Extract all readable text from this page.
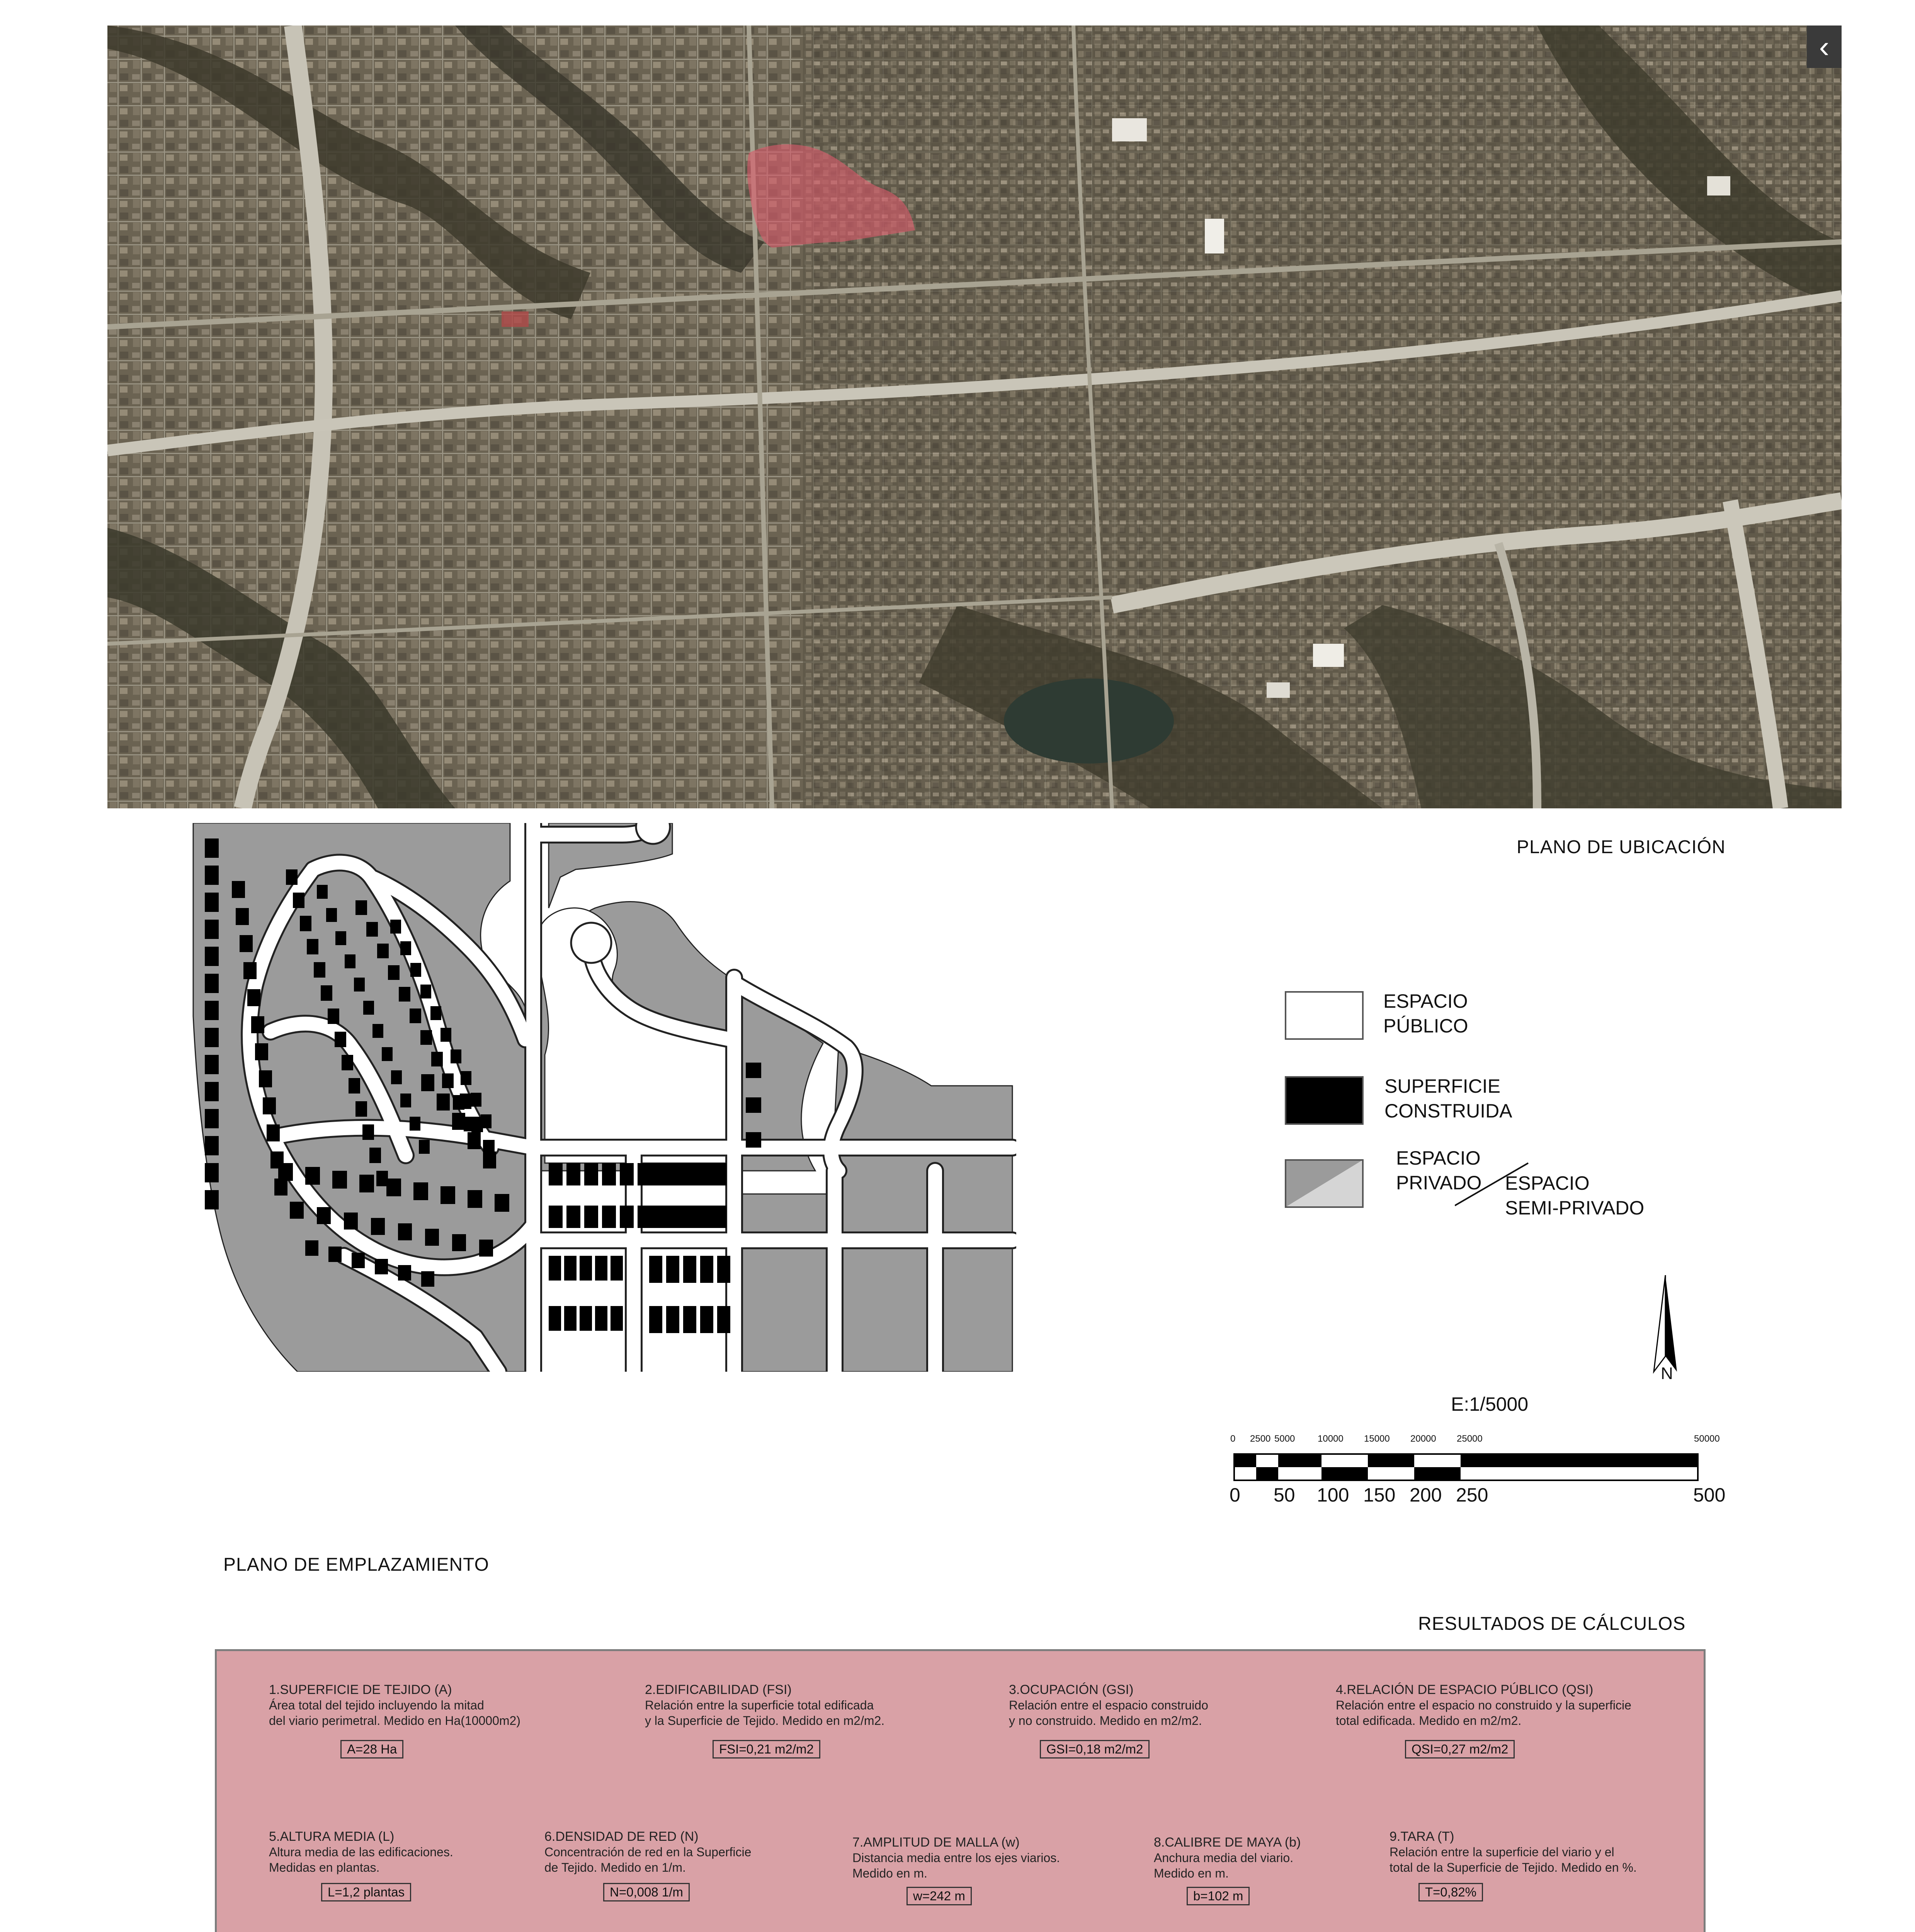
‹
PLANO DE UBICACIÓN
ESPACIO
PÚBLICO
SUPERFICIE
CONSTRUIDA
ESPACIO
PRIVADO ESPACIO
SEMI-PRIVADO
N
E:1/5000
0 2500 5000 10000 15000 20000 25000	50000
0 50 100 150 200 250	500
PLANO DE EMPLAZAMIENTO
RESULTADOS DE CÁLCULOS
1.SUPERFICIE DE TEJIDO (A)
Área total del tejido incluyendo la mitad
del viario perimetral. Medido en Ha(10000m2)
A=28 Ha
2.EDIFICABILIDAD (FSI)
Relación entre la superficie total edificada
y la Superficie de Tejido. Medido en m2/m2.
FSI=0,21 m2/m2
3.OCUPACIÓN (GSI)
Relación entre el espacio construido
y no construido. Medido en m2/m2.
GSI=0,18 m2/m2
4.RELACIÓN DE ESPACIO PÚBLICO (QSI)
Relación entre el espacio no construido y la superficie
total edificada. Medido en m2/m2.
QSI=0,27 m2/m2
5.ALTURA MEDIA (L)
Altura media de las edificaciones.
Medidas en plantas.
L=1,2 plantas
6.DENSIDAD DE RED (N)
Concentración de red en la Superficie
de Tejido. Medido en 1/m.
N=0,008 1/m
7.AMPLITUD DE MALLA (w)
Distancia media entre los ejes viarios.
Medido en m.
w=242 m
8.CALIBRE DE MAYA (b)
Anchura media del viario.
Medido en m.
b=102 m
9.TARA (T)
Relación entre la superficie del viario y el
total de la Superficie de Tejido. Medido en %.
T=0,82%
